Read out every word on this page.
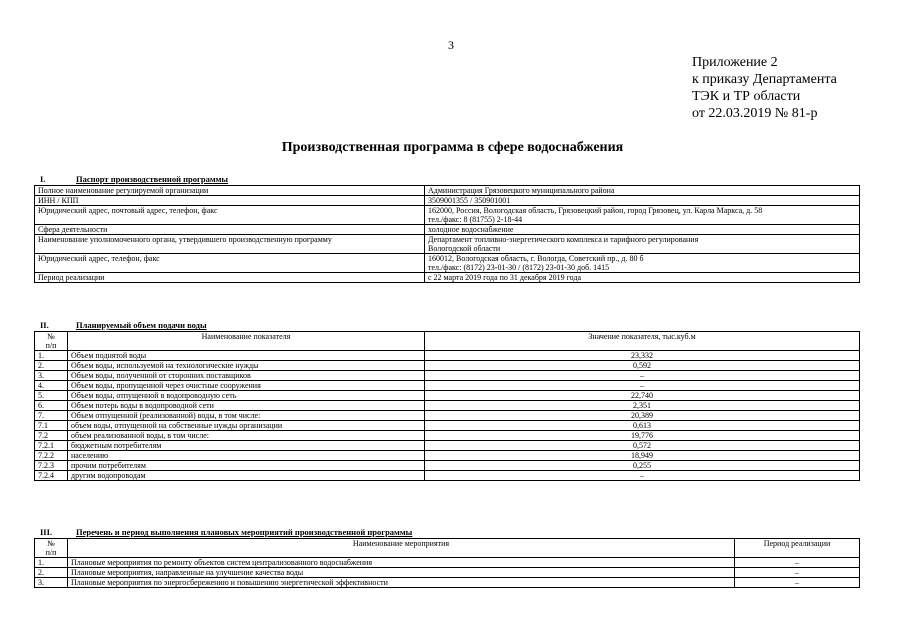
3
Приложение 2
к приказу Департамента
ТЭК и ТР области
от 22.03.2019 № 81-р
Производственная программа в сфере водоснабжения
I.	Паспорт производственной программы
Полное наименование регулируемой организации	Администрация Грязовецкого муниципального района

ИНН / КПП	3509001355 / 350901001

Юридический адрес, почтовый адрес, телефон, факс	162000, Россия, Вологодская область, Грязовецкий район, город Грязовец, ул. Карла Маркса, д. 58
тел./факс: 8 (81755) 2-18-44

Сфера деятельности	холодное водоснабжение

Наименование уполномоченного органа, утвердившего производственную программу	Департамент топливно-энергетического комплекса и тарифного регулирования
Вологодской области

Юридический адрес, телефон, факс	160012, Вологодская область, г. Вологда, Советский пр., д. 80 б
тел./факс: (8172) 23-01-30 / (8172) 23-01-30 доб. 1415

Период реализации	с 22 марта 2019 года по 31 декабря 2019 года
II.	Планируемый объем подачи воды
№
п/п	Наименование показателя	Значение показателя, тыс.куб.м
1.	Объем поднятой воды	23,332
2.	Объем воды, используемой на технологические нужды	0,592
3.	Объем воды, полученной от сторонних поставщиков	–
4.	Объем воды, пропущенной через очистные сооружения	–
5.	Объем воды, отпущенной в водопроводную сеть	22,740
6.	Объем потерь воды в водопроводной сети	2,351
7.	Объем отпущенной (реализованной) воды, в том числе:	20,389
7.1	объем воды, отпущенной на собственные нужды организации	0,613
7.2	объем реализованной воды, в том числе:	19,776
7.2.1	бюджетным потребителям	0,572
7.2.2	населению	18,949
7.2.3	прочим потребителям	0,255
7.2.4	другим водопроводам	–
III.	Перечень и период выполнения плановых мероприятий производственной программы
№
п/п	Наименование мероприятия	Период реализации
1.	Плановые мероприятия по ремонту объектов систем централизованного водоснабжения	–
2.	Плановые мероприятия, направленные на улучшение качества воды	–
3.	Плановые мероприятия по энергосбережению и повышению энергетической эффективности	–
